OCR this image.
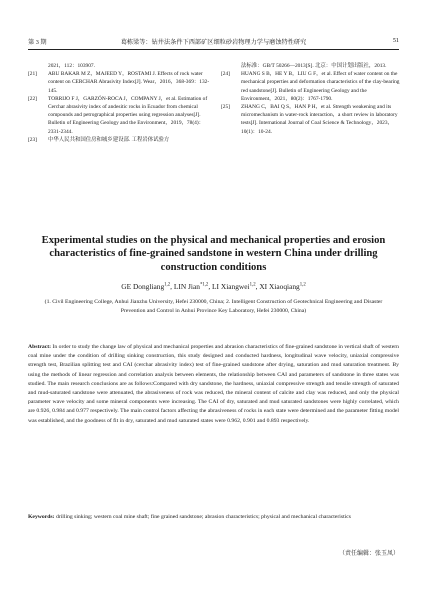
第 3 期	葛栋梁等：钻井法条件下西部矿区细粒砂岩物理力学与磨蚀特性研究	51
2021，112：103907.
[21] ABU BAKAR M Z，MAJEED Y，ROSTAMI J. Effects of rock water content on CERCHAR Abrasivity Index[J]. Wear，2016，368-369：132-145.
[22] TORRIJO F J，GARZÓN-ROCA J，COMPANY J，et al. Estimation of Cerchar abrasivity index of andesitic rocks in Ecuador from chemical compounds and petrographical properties using regression analyses[J]. Bulletin of Engineering Geology and the Environment，2019，78(4)：2331-2344.
[23] 中华人民共和国住房和城乡建设部. 工程岩体试验方
法标准：GB/T 50266—2013[S]. 北京：中国计划出版社，2013.
[24] HUANG S B，HE Y B，LIU G F，et al. Effect of water content on the mechanical properties and deformation characteristics of the clay-bearing red sandstone[J]. Bulletin of Engineering Geology and the Environment，2021，80(2)：1767-1790.
[25] ZHANG C，BAI Q S，HAN P H，et al. Strength weakening and its micromechanism in water-rock interaction，a short review in laboratory tests[J]. International Journal of Coal Science & Technology，2023，10(1)：10-24.
Experimental studies on the physical and mechanical properties and erosion characteristics of fine-grained sandstone in western China under drilling construction conditions
GE Dongliang$^{1,2}$, LIN Jian$^{*1,2}$, LI Xiangwei$^{1,2}$, XI Xiaoqiang$^{1,2}$
(1. Civil Engineering College, Anhui Jianzhu University, Hefei 230000, China; 2. Intelligent Construction of Geotechnical Engineering and Disaster Prevention and Control in Anhui Province Key Laboratory, Hefei 230000, China)
Abstract: In order to study the change law of physical and mechanical properties and abrasion characteristics of fine-grained sandstone in vertical shaft of western coal mine under the condition of drilling sinking construction, this study designed and conducted hardness, longitudinal wave velocity, uniaxial compressive strength test, Brazilian splitting test and CAI (cerchar abrasivity index) test of fine-grained sandstone after drying, saturation and mud saturation treatment. By using the methods of linear regression and correlation analysis between elements, the relationship between CAI and parameters of sandstone in three states was studied. The main research conclusions are as follows:Compared with dry sandstone, the hardness, uniaxial compressive strength and tensile strength of saturated and mud-saturated sandstone were attenuated, the abrasiveness of rock was reduced, the mineral content of calcite and clay was reduced, and only the physical parameter wave velocity and some mineral components were increasing. The CAI of dry, saturated and mud saturated sandstones were highly correlated, which are 0.926, 0.984 and 0.977 respectively. The main control factors affecting the abrasiveness of rocks in each state were determined and the parameter fitting model was established, and the goodness of fit in dry, saturated and mud saturated states were 0.962, 0.901 and 0.893 respectively.
Keywords: drilling sinking; western coal mine shaft; fine grained sandstone; abrasion characteristics; physical and mechanical characteristics
（责任编辑：张玉凤）
